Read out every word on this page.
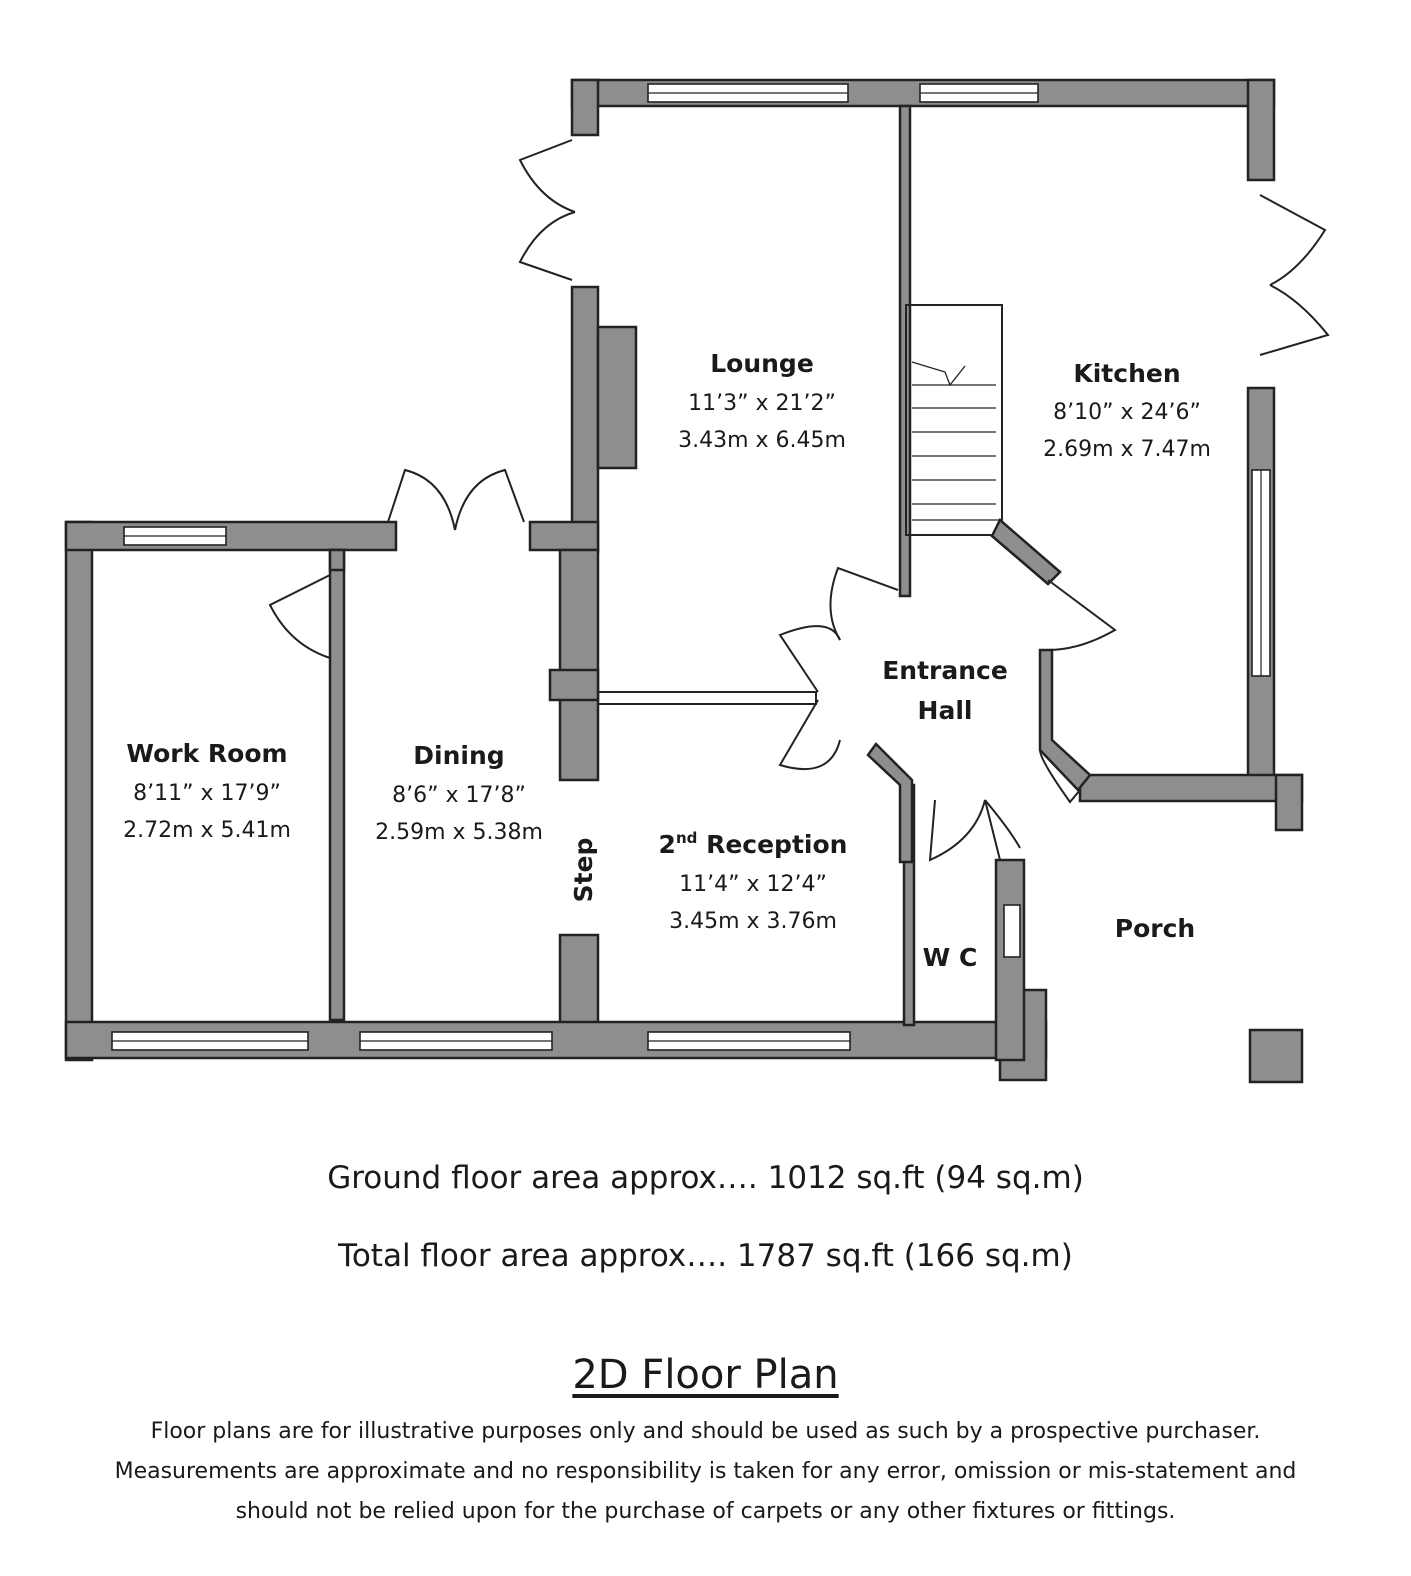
Lounge
11’3” x 21’2”
3.43m x 6.45m
Kitchen
8’10” x 24’6”
2.69m x 7.47m
Entrance
Hall
Work Room
8’11” x 17’9”
2.72m x 5.41m
Dining
8’6” x 17’8”
2.59m x 5.38m	2nd Reception
11’4” x 12’4”
3.45m x 3.76m
W C
Porch
Step
Ground floor area approx…. 1012 sq.ft (94 sq.m)
Total floor area approx…. 1787 sq.ft (166 sq.m)
2D Floor Plan
Floor plans are for illustrative purposes only and should be used as such by a prospective purchaser.
Measurements are approximate and no responsibility is taken for any error, omission or mis-statement and
should not be relied upon for the purchase of carpets or any other fixtures or fittings.
